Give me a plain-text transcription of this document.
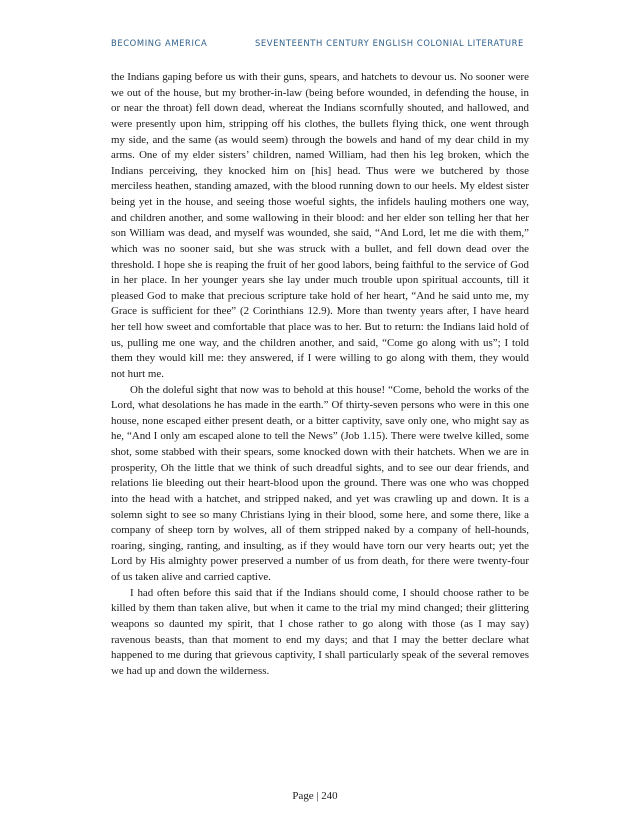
BECOMING AMERICA	SEVENTEENTH CENTURY ENGLISH COLONIAL LITERATURE

the Indians gaping before us with their guns, spears, and hatchets to devour us. No sooner were we out of the house, but my brother-in-law (being before wounded, in defending the house, in or near the throat) fell down dead, whereat the Indians scornfully shouted, and hallowed, and were presently upon him, stripping off his clothes, the bullets flying thick, one went through my side, and the same (as would seem) through the bowels and hand of my dear child in my arms. One of my elder sisters’ children, named William, had then his leg broken, which the Indians perceiving, they knocked him on [his] head. Thus were we butchered by those merciless heathen, standing amazed, with the blood running down to our heels. My eldest sister being yet in the house, and seeing those woeful sights, the infidels hauling mothers one way, and children another, and some wallowing in their blood: and her elder son telling her that her son William was dead, and myself was wounded, she said, “And Lord, let me die with them,” which was no sooner said, but she was struck with a bullet, and fell down dead over the threshold. I hope she is reaping the fruit of her good labors, being faithful to the service of God in her place. In her younger years she lay under much trouble upon spiritual accounts, till it pleased God to make that precious scripture take hold of her heart, “And he said unto me, my Grace is sufficient for thee” (2 Corinthians 12.9). More than twenty years after, I have heard her tell how sweet and comfortable that place was to her. But to return: the Indians laid hold of us, pulling me one way, and the children another, and said, “Come go along with us”; I told them they would kill me: they answered, if I were willing to go along with them, they would not hurt me.

Oh the doleful sight that now was to behold at this house! “Come, behold the works of the Lord, what desolations he has made in the earth.” Of thirty-seven persons who were in this one house, none escaped either present death, or a bitter captivity, save only one, who might say as he, “And I only am escaped alone to tell the News” (Job 1.15). There were twelve killed, some shot, some stabbed with their spears, some knocked down with their hatchets. When we are in prosperity, Oh the little that we think of such dreadful sights, and to see our dear friends, and relations lie bleeding out their heart-blood upon the ground. There was one who was chopped into the head with a hatchet, and stripped naked, and yet was crawling up and down. It is a solemn sight to see so many Christians lying in their blood, some here, and some there, like a company of sheep torn by wolves, all of them stripped naked by a company of hell-hounds, roaring, singing, ranting, and insulting, as if they would have torn our very hearts out; yet the Lord by His almighty power preserved a number of us from death, for there were twenty-four of us taken alive and carried captive.

I had often before this said that if the Indians should come, I should choose rather to be killed by them than taken alive, but when it came to the trial my mind changed; their glittering weapons so daunted my spirit, that I chose rather to go along with those (as I may say) ravenous beasts, than that moment to end my days; and that I may the better declare what happened to me during that grievous captivity, I shall particularly speak of the several removes we had up and down the wilderness.

Page | 240
